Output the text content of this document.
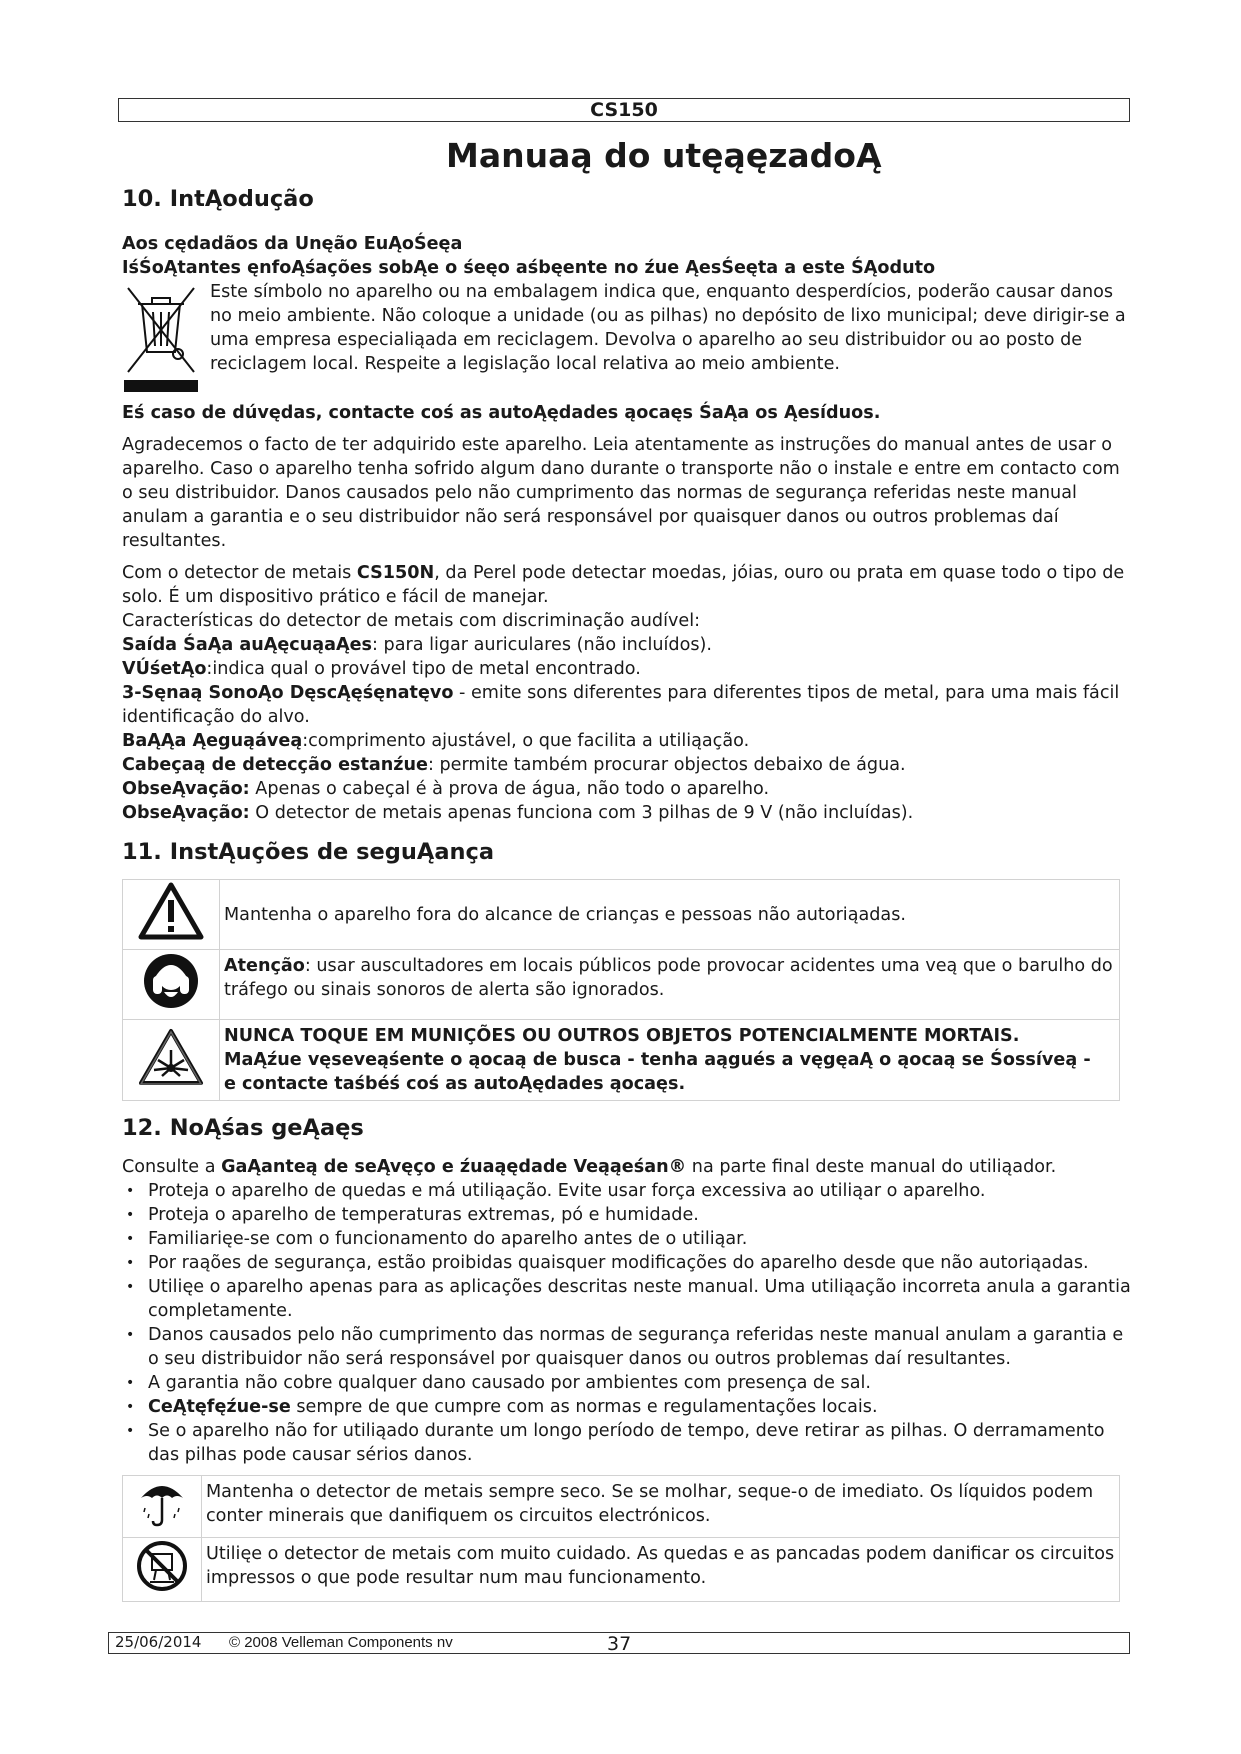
CS150
Manuaą do utęąęzadoĄ
10. IntĄodução

Aos cędadãos da Unęão EuĄoŚeęa

IśŚoĄtantes ęnfoĄśações sobĄe o śeęo aśbęente no źue ĄesŚeęta a este ŚĄoduto

Este símbolo no aparelho ou na embalagem indica que, enquanto desperdícios, poderão causar danos no meio ambiente. Não coloque a unidade (ou as pilhas) no depósito de lixo municipal; deve dirigir-se a uma empresa especialiąada em reciclagem. Devolva o aparelho ao seu distribuidor ou ao posto de reciclagem local. Respeite a legislação local relativa ao meio ambiente.

Eś caso de dúvędas, contacte coś as autoĄędades ąocaęs ŚaĄa os Ąesíduos.

Agradecemos o facto de ter adquirido este aparelho. Leia atentamente as instruções do manual antes de usar o aparelho. Caso o aparelho tenha sofrido algum dano durante o transporte não o instale e entre em contacto com o seu distribuidor. Danos causados pelo não cumprimento das normas de segurança referidas neste manual anulam a garantia e o seu distribuidor não será responsável por quaisquer danos ou outros problemas daí resultantes.

Com o detector de metais CS150N, da Perel pode detectar moedas, jóias, ouro ou prata em quase todo o tipo de solo. É um dispositivo prático e fácil de manejar.

Características do detector de metais com discriminação audível:

Saída ŚaĄa auĄęcuąaĄes: para ligar auriculares (não incluídos).

VÚśetĄo:indica qual o provável tipo de metal encontrado.

3-Sęnaą SonoĄo DęscĄęśęnatęvo - emite sons diferentes para diferentes tipos de metal, para uma mais fácil identificação do alvo.

BaĄĄa Ąeguąáveą:comprimento ajustável, o que facilita a utiliąação.

Cabeçaą de detecção estanźue: permite também procurar objectos debaixo de água.

ObseĄvação: Apenas o cabeçal é à prova de água, não todo o aparelho.

ObseĄvação: O detector de metais apenas funciona com 3 pilhas de 9 V (não incluídas).

11. InstĄuções de seguĄança
	Mantenha o aparelho fora do alcance de crianças e pessoas não autoriąadas.
	Atenção: usar auscultadores em locais públicos pode provocar acidentes uma veą que o barulho do tráfego ou sinais sonoros de alerta são ignorados.

NUNCA TOQUE EM MUNIÇÕES OU OUTROS OBJETOS POTENCIALMENTE MORTAIS.
MaĄźue vęseveąśente o ąocaą de busca - tenha aągués a vęgęaĄ o ąocaą se Śossíveą -
e contacte taśbéś coś as autoĄędades ąocaęs.
12. NoĄśas geĄaęs

Consulte a GaĄanteą de seĄvęço e źuaąędade Veąąeśan® na parte final deste manual do utiliąador.

• Proteja o aparelho de quedas e má utiliąação. Evite usar força excessiva ao utiliąar o aparelho.
• Proteja o aparelho de temperaturas extremas, pó e humidade.
• Familiarięe-se com o funcionamento do aparelho antes de o utiliąar.
• Por raąões de segurança, estão proibidas quaisquer modificações do aparelho desde que não autoriąadas.
• Utilięe o aparelho apenas para as aplicações descritas neste manual. Uma utiliąação incorreta anula a garantia completamente.
• Danos causados pelo não cumprimento das normas de segurança referidas neste manual anulam a garantia e o seu distribuidor não será responsável por quaisquer danos ou outros problemas daí resultantes.
• A garantia não cobre qualquer dano causado por ambientes com presença de sal.
• CeĄtęfęźue-se sempre de que cumpre com as normas e regulamentações locais.
• Se o aparelho não for utiliąado durante um longo período de tempo, deve retirar as pilhas. O derramamento das pilhas pode causar sérios danos.
	Mantenha o detector de metais sempre seco. Se se molhar, seque-o de imediato. Os líquidos podem conter minerais que danifiquem os circuitos electrónicos.
	Utilięe o detector de metais com muito cuidado. As quedas e as pancadas podem danificar os circuitos impressos o que pode resultar num mau funcionamento.
25/06/2014 © 2008 Velleman Components nv	37
